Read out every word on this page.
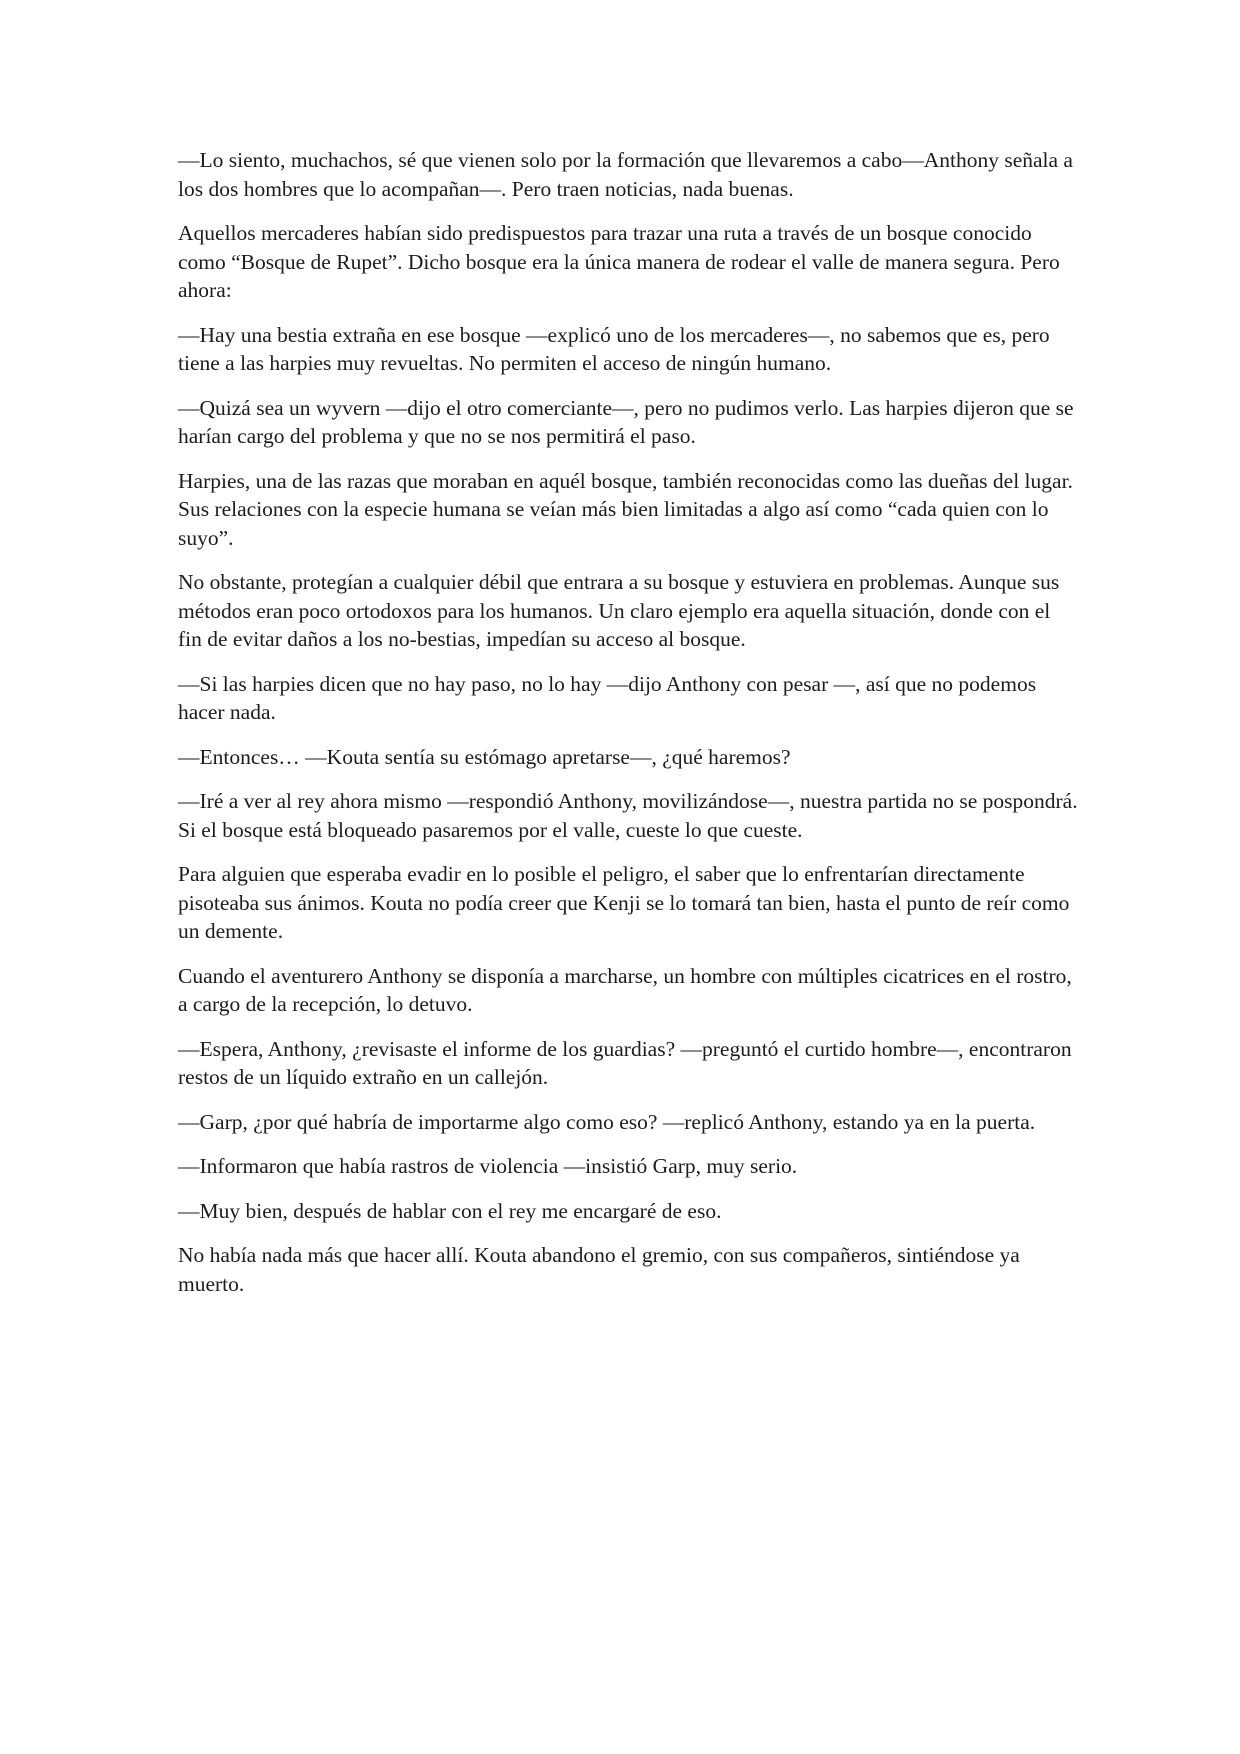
—Lo siento, muchachos, sé que vienen solo por la formación que llevaremos a cabo—Anthony señala a los dos hombres que lo acompañan—. Pero traen noticias, nada buenas.

Aquellos mercaderes habían sido predispuestos para trazar una ruta a través de un bosque conocido como “Bosque de Rupet”. Dicho bosque era la única manera de rodear el valle de manera segura. Pero ahora:

—Hay una bestia extraña en ese bosque —explicó uno de los mercaderes—, no sabemos que es, pero tiene a las harpies muy revueltas. No permiten el acceso de ningún humano.

—Quizá sea un wyvern —dijo el otro comerciante—, pero no pudimos verlo. Las harpies dijeron que se harían cargo del problema y que no se nos permitirá el paso.

Harpies, una de las razas que moraban en aquél bosque, también reconocidas como las dueñas del lugar. Sus relaciones con la especie humana se veían más bien limitadas a algo así como “cada quien con lo suyo”.

No obstante, protegían a cualquier débil que entrara a su bosque y estuviera en problemas. Aunque sus métodos eran poco ortodoxos para los humanos. Un claro ejemplo era aquella situación, donde con el fin de evitar daños a los no-bestias, impedían su acceso al bosque.

—Si las harpies dicen que no hay paso, no lo hay —dijo Anthony con pesar —, así que no podemos hacer nada.

—Entonces… —Kouta sentía su estómago apretarse—, ¿qué haremos?

—Iré a ver al rey ahora mismo —respondió Anthony, movilizándose—, nuestra partida no se pospondrá. Si el bosque está bloqueado pasaremos por el valle, cueste lo que cueste.

Para alguien que esperaba evadir en lo posible el peligro, el saber que lo enfrentarían directamente pisoteaba sus ánimos. Kouta no podía creer que Kenji se lo tomará tan bien, hasta el punto de reír como un demente.

Cuando el aventurero Anthony se disponía a marcharse, un hombre con múltiples cicatrices en el rostro, a cargo de la recepción, lo detuvo.

—Espera, Anthony, ¿revisaste el informe de los guardias? —preguntó el curtido hombre—, encontraron restos de un líquido extraño en un callejón.

—Garp, ¿por qué habría de importarme algo como eso? —replicó Anthony, estando ya en la puerta.

—Informaron que había rastros de violencia —insistió Garp, muy serio.

—Muy bien, después de hablar con el rey me encargaré de eso.

No había nada más que hacer allí. Kouta abandono el gremio, con sus compañeros, sintiéndose ya muerto.
